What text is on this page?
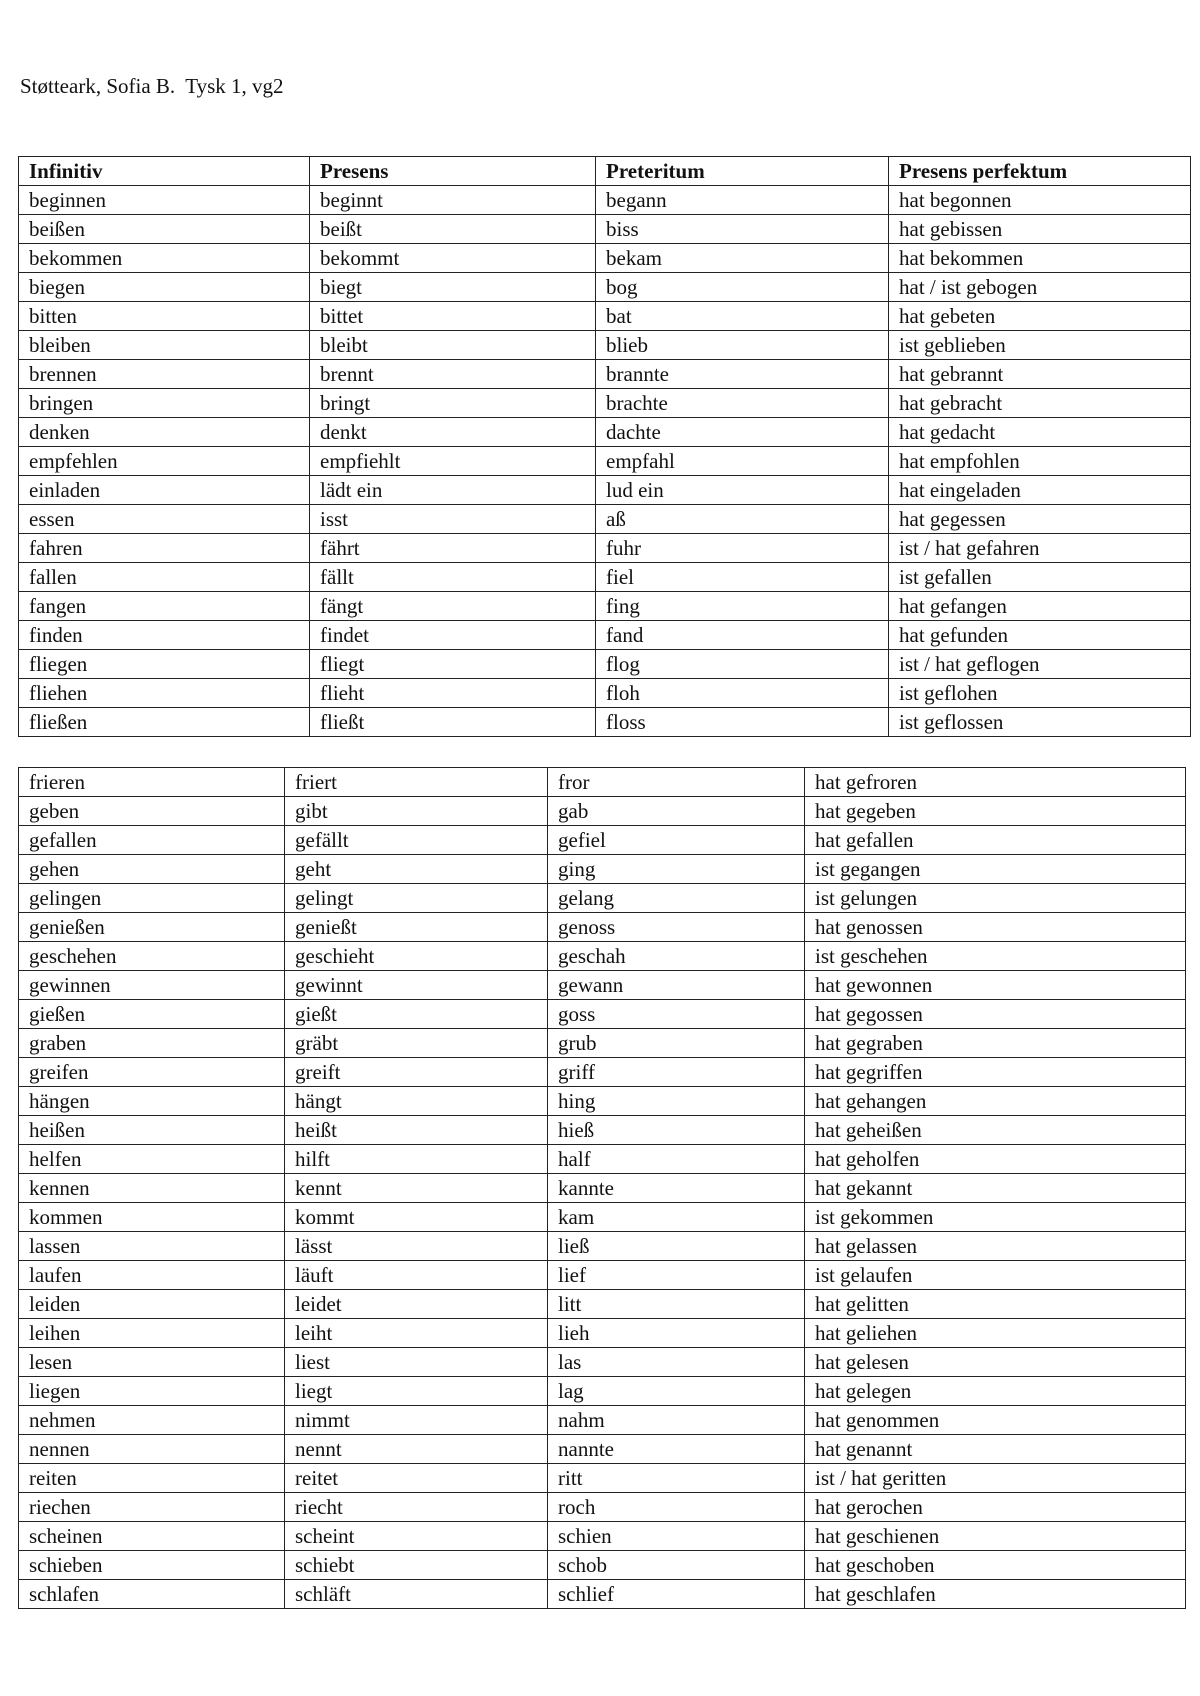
Støtteark, Sofia B.  Tysk 1, vg2

Infinitiv	Presens	Preteritum	Presens perfektum
beginnen	beginnt	begann	hat begonnen
beißen	beißt	biss	hat gebissen
bekommen	bekommt	bekam	hat bekommen
biegen	biegt	bog	hat / ist gebogen
bitten	bittet	bat	hat gebeten
bleiben	bleibt	blieb	ist geblieben
brennen	brennt	brannte	hat gebrannt
bringen	bringt	brachte	hat gebracht
denken	denkt	dachte	hat gedacht
empfehlen	empfiehlt	empfahl	hat empfohlen
einladen	lädt ein	lud ein	hat eingeladen
essen	isst	aß	hat gegessen
fahren	fährt	fuhr	ist / hat gefahren
fallen	fällt	fiel	ist gefallen
fangen	fängt	fing	hat gefangen
finden	findet	fand	hat gefunden
fliegen	fliegt	flog	ist / hat geflogen
fliehen	flieht	floh	ist geflohen
fließen	fließt	floss	ist geflossen
frieren	friert	fror	hat gefroren
geben	gibt	gab	hat gegeben
gefallen	gefällt	gefiel	hat gefallen
gehen	geht	ging	ist gegangen
gelingen	gelingt	gelang	ist gelungen
genießen	genießt	genoss	hat genossen
geschehen	geschieht	geschah	ist geschehen
gewinnen	gewinnt	gewann	hat gewonnen
gießen	gießt	goss	hat gegossen
graben	gräbt	grub	hat gegraben
greifen	greift	griff	hat gegriffen
hängen	hängt	hing	hat gehangen
heißen	heißt	hieß	hat geheißen
helfen	hilft	half	hat geholfen
kennen	kennt	kannte	hat gekannt
kommen	kommt	kam	ist gekommen
lassen	lässt	ließ	hat gelassen
laufen	läuft	lief	ist gelaufen
leiden	leidet	litt	hat gelitten
leihen	leiht	lieh	hat geliehen
lesen	liest	las	hat gelesen
liegen	liegt	lag	hat gelegen
nehmen	nimmt	nahm	hat genommen
nennen	nennt	nannte	hat genannt
reiten	reitet	ritt	ist / hat geritten
riechen	riecht	roch	hat gerochen
scheinen	scheint	schien	hat geschienen
schieben	schiebt	schob	hat geschoben
schlafen	schläft	schlief	hat geschlafen
